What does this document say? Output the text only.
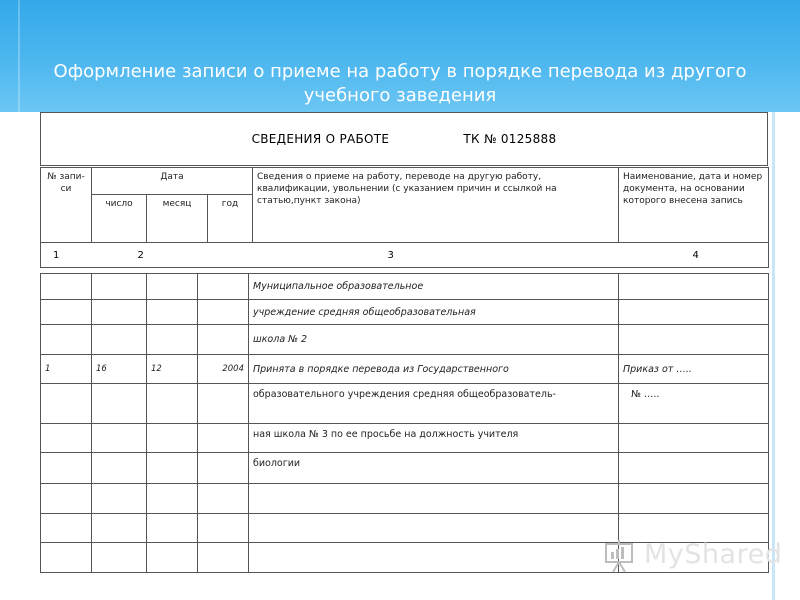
Оформление записи о приеме на работу в порядке перевода из другого учебного заведения
СВЕДЕНИЯ О РАБОТЕ	ТК № 0125888
№ запи-си	Дата			Сведения о приеме на работу, переводе на другую работу, квалификации, увольнении (с указанием причин и ссылкой на статью,пункт закона)	Наименование, дата и номер документа, на основании которого внесена запись
	число	месяц	год		
1	2	3	4
				Муниципальное образовательное	
				учреждение средняя общеобразовательная	
				школа № 2	
1	16	12	2004	Принята в порядке перевода из Государственного	Приказ от …..
				образовательного учреждения средняя общеобразователь-	№ …..
				ная школа № 3 по ее просьбе на должность учителя	
				биологии	

MyShared
